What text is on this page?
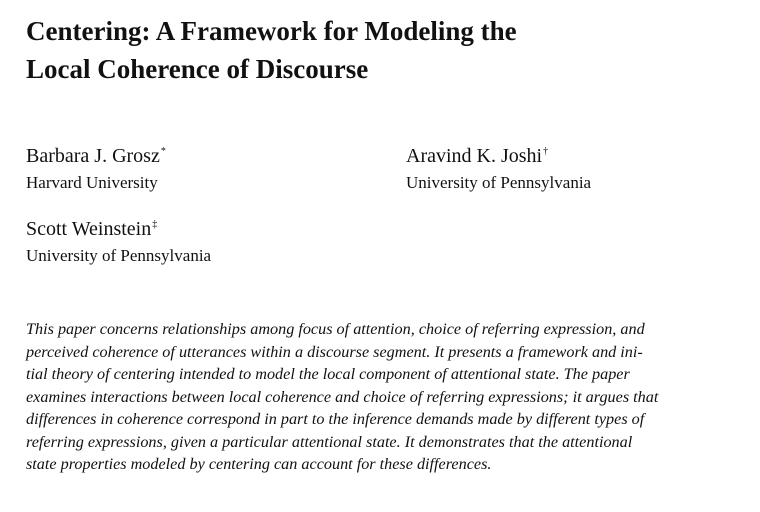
Centering: A Framework for Modeling the
Local Coherence of Discourse
Barbara J. Grosz*
Harvard University
Aravind K. Joshi†
University of Pennsylvania
Scott Weinstein‡
University of Pennsylvania
This paper concerns relationships among focus of attention, choice of referring expression, and
perceived coherence of utterances within a discourse segment. It presents a framework and ini-
tial theory of centering intended to model the local component of attentional state. The paper
examines interactions between local coherence and choice of referring expressions; it argues that
differences in coherence correspond in part to the inference demands made by different types of
referring expressions, given a particular attentional state. It demonstrates that the attentional
state properties modeled by centering can account for these differences.
